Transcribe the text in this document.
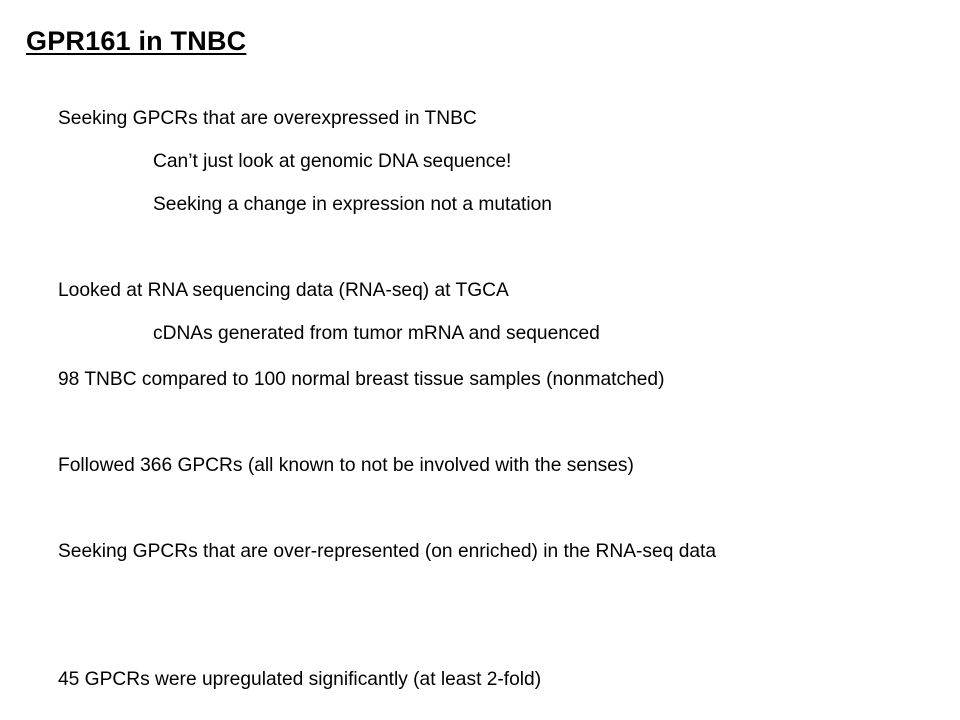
GPR161 in TNBC
Seeking GPCRs that are overexpressed in TNBC
Can’t just look at genomic DNA sequence!
Seeking a change in expression not a mutation
Looked at RNA sequencing data (RNA-seq) at TGCA
cDNAs generated from tumor mRNA and sequenced
98 TNBC compared to 100 normal breast tissue samples (nonmatched)
Followed 366 GPCRs (all known to not be involved with the senses)
Seeking GPCRs that are over-represented (on enriched) in the RNA-seq data
45 GPCRs were upregulated significantly (at least 2-fold)
